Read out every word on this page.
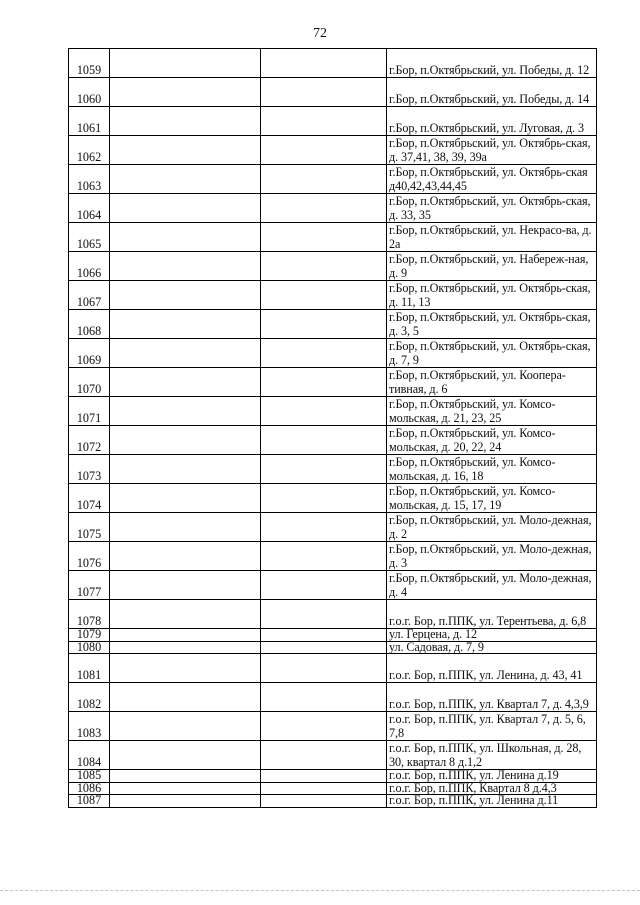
72
1059			г.Бор, п.Октябрьский, ул. Победы, д. 12
1060			г.Бор, п.Октябрьский, ул. Победы, д. 14
1061			г.Бор, п.Октябрьский, ул. Луговая, д. 3
1062			г.Бор, п.Октябрьский, ул. Октябрь-ская, д. 37,41, 38, 39, 39а
1063			г.Бор, п.Октябрьский, ул. Октябрь-ская д40,42,43,44,45
1064			г.Бор, п.Октябрьский, ул. Октябрь-ская, д. 33, 35
1065			г.Бор, п.Октябрьский, ул. Некрасо-ва, д. 2а
1066			г.Бор, п.Октябрьский, ул. Набереж-ная, д. 9
1067			г.Бор, п.Октябрьский, ул. Октябрь-ская, д. 11, 13
1068			г.Бор, п.Октябрьский, ул. Октябрь-ская, д. 3, 5
1069			г.Бор, п.Октябрьский, ул. Октябрь-ская, д. 7, 9
1070			г.Бор, п.Октябрьский, ул. Коопера-тивная, д. 6
1071			г.Бор, п.Октябрьский, ул. Комсо-мольская, д. 21, 23, 25
1072			г.Бор, п.Октябрьский, ул. Комсо-мольская, д. 20, 22, 24
1073			г.Бор, п.Октябрьский, ул. Комсо-мольская, д. 16, 18
1074			г.Бор, п.Октябрьский, ул. Комсо-мольская, д. 15, 17, 19
1075			г.Бор, п.Октябрьский, ул. Моло-дежная, д. 2
1076			г.Бор, п.Октябрьский, ул. Моло-дежная, д. 3
1077			г.Бор, п.Октябрьский, ул. Моло-дежная, д. 4
1078			г.о.г. Бор, п.ППК, ул. Терентьева, д. 6,8
1079			ул. Герцена, д. 12
1080			ул. Садовая, д. 7, 9
1081			г.о.г. Бор, п.ППК, ул. Ленина, д. 43, 41
1082			г.о.г. Бор, п.ППК, ул. Квартал 7, д. 4,3,9
1083			г.о.г. Бор, п.ППК, ул. Квартал 7, д. 5, 6, 7,8
1084			г.о.г. Бор, п.ППК, ул. Школьная, д. 28, 30, квартал 8 д.1,2
1085			г.о.г. Бор, п.ППК, ул. Ленина д.19
1086			г.о.г. Бор, п.ППК, Квартал 8 д.4,3
1087			г.о.г. Бор, п.ППК, ул. Ленина д.11
